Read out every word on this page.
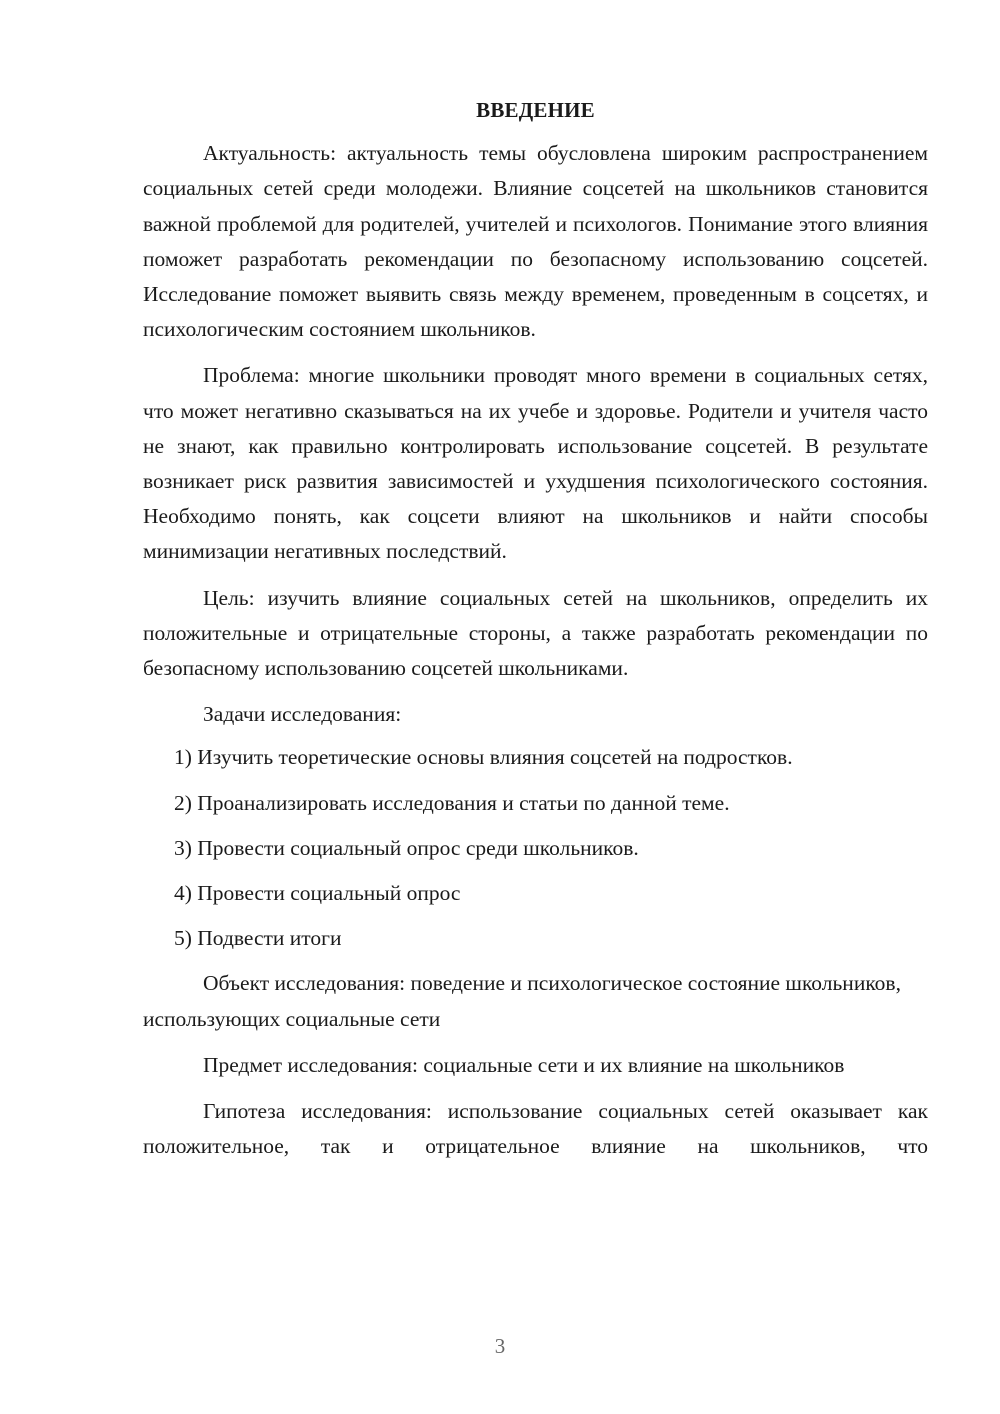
ВВЕДЕНИЕ

Актуальность: актуальность темы обусловлена широким распространением социальных сетей среди молодежи. Влияние соцсетей на школьников становится важной проблемой для родителей, учителей и психологов. Понимание этого влияния поможет разработать рекомендации по безопасному использованию соцсетей. Исследование поможет выявить связь между временем, проведенным в соцсетях, и психологическим состоянием школьников.

Проблема: многие школьники проводят много времени в социальных сетях, что может негативно сказываться на их учебе и здоровье. Родители и учителя часто не знают, как правильно контролировать использование соцсетей. В результате возникает риск развития зависимостей и ухудшения психологического состояния. Необходимо понять, как соцсети влияют на школьников и найти способы минимизации негативных последствий.

Цель: изучить влияние социальных сетей на школьников, определить их положительные и отрицательные стороны, а также разработать рекомендации по безопасному использованию соцсетей школьниками.

Задачи исследования:
1) Изучить теоретические основы влияния соцсетей на подростков.
2) Проанализировать исследования и статьи по данной теме.
3) Провести социальный опрос среди школьников.
4) Провести социальный опрос
5) Подвести итоги

Объект исследования: поведение и психологическое состояние школьников, использующих социальные сети

Предмет исследования: социальные сети и их влияние на школьников

Гипотеза исследования: использование социальных сетей оказывает как положительное, так и отрицательное влияние на школьников, что

3
